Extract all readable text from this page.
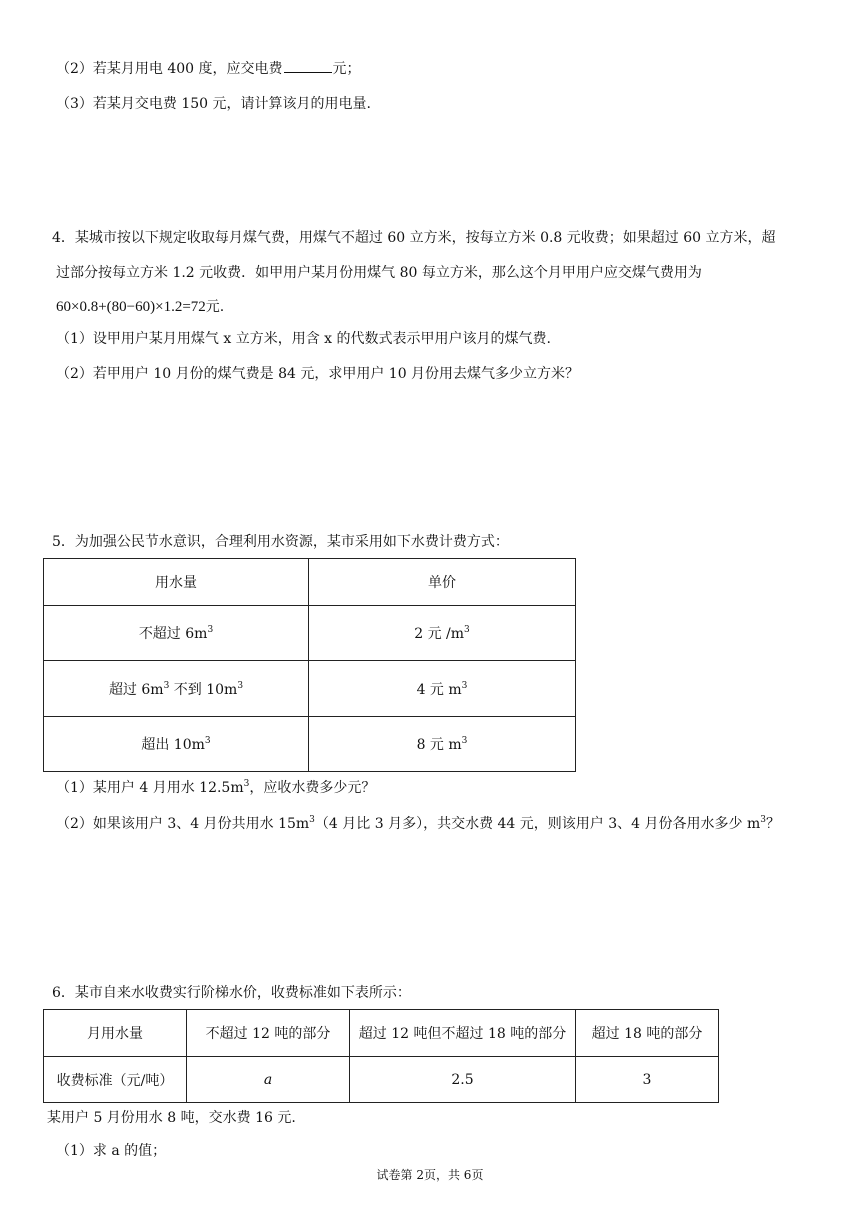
（2）若某月用电 400 度，应交电费	元；
（3）若某月交电费 150 元，请计算该月的用电量.
4．某城市按以下规定收取每月煤气费，用煤气不超过 60 立方米，按每立方米 0.8 元收费；如果超过 60 立方米，超
过部分按每立方米 1.2 元收费．如甲用户某月份用煤气 80 每立方米，那么这个月甲用户应交煤气费用为
60×0.8+(80−60)×1.2=72元.
（1）设甲用户某月用煤气 x 立方米，用含 x 的代数式表示甲用户该月的煤气费.
（2）若甲用户 10 月份的煤气费是 84 元，求甲用户 10 月份用去煤气多少立方米？
5．为加强公民节水意识，合理利用水资源，某市采用如下水费计费方式：
用水量	单价
不超过 $6m^3$	2 元 $/m^3$
超过 $6m^3$ 不到 $10m^3$	4 元 $m^3$
超出 $10m^3$	8 元 $m^3$
（1）某用户 4 月用水 $12.5m^3$，应收水费多少元？
（2）如果该用户 3、4 月份共用水 $15m^3(4$ 月比 3 月多），共交水费 44 元，则该用户 3、4 月份各用水多少 $m^3$？
6．某市自来水收费实行阶梯水价，收费标准如下表所示：
月用水量	不超过 12 吨的部分	超过 12 吨但不超过 18 吨的部分	超过 18 吨的部分
收费标准（元/吨）	a	2.5	3
某用户 5 月份用水 8 吨，交水费 16 元.
（1）求 a 的值；
试卷第 2页，共 6页
